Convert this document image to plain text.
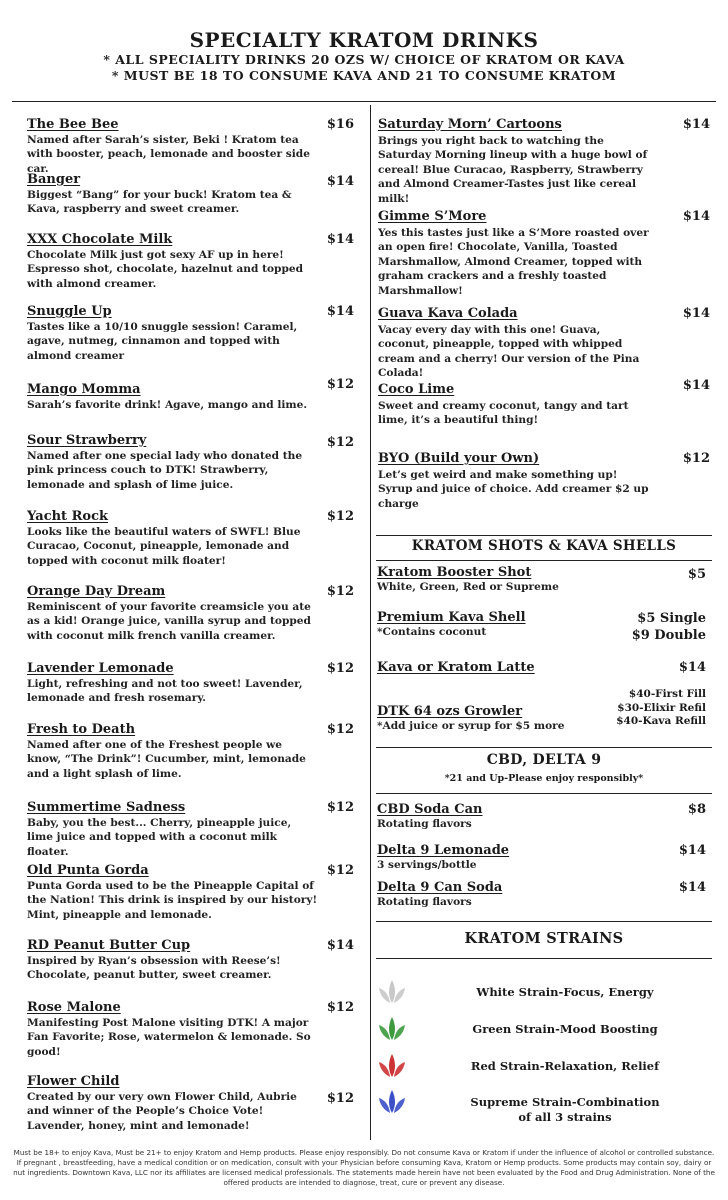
SPECIALTY KRATOM DRINKS
* ALL SPECIALITY DRINKS 20 OZS W/ CHOICE OF KRATOM OR KAVA
* MUST BE 18 TO CONSUME KAVA AND 21 TO CONSUME KRATOM
The Bee Bee
Named after Sarah’s sister, Beki ! Kratom tea with booster, peach, lemonade and booster side car.
$16
Banger
Biggest “Bang” for your buck! Kratom tea & Kava, raspberry and sweet creamer.
$14
XXX Chocolate Milk
Chocolate Milk just got sexy AF up in here! Espresso shot, chocolate, hazelnut and topped with almond creamer.
$14
Snuggle Up
Tastes like a 10/10 snuggle session! Caramel, agave, nutmeg, cinnamon and topped with almond creamer
$14
Mango Momma
Sarah’s favorite drink! Agave, mango and lime.
$12
Sour Strawberry
Named after one special lady who donated the pink princess couch to DTK! Strawberry, lemonade and splash of lime juice.
$12
Yacht Rock
Looks like the beautiful waters of SWFL! Blue Curacao, Coconut, pineapple, lemonade and topped with coconut milk floater!
$12
Orange Day Dream
Reminiscent of your favorite creamsicle you ate as a kid! Orange juice, vanilla syrup and topped with coconut milk french vanilla creamer.
$12
Lavender Lemonade
Light, refreshing and not too sweet! Lavender, lemonade and fresh rosemary.
$12
Fresh to Death
Named after one of the Freshest people we know, “The Drink”! Cucumber, mint, lemonade and a light splash of lime.
$12
Summertime Sadness
Baby, you the best... Cherry, pineapple juice, lime juice and topped with a coconut milk floater.
$12
Old Punta Gorda
Punta Gorda used to be the Pineapple Capital of the Nation! This drink is inspired by our history! Mint, pineapple and lemonade.
$12
RD Peanut Butter Cup
Inspired by Ryan’s obsession with Reese’s! Chocolate, peanut butter, sweet creamer.
$14
Rose Malone
Manifesting Post Malone visiting DTK! A major Fan Favorite; Rose, watermelon & lemonade. So good!
$12
Flower Child
Created by our very own Flower Child, Aubrie and winner of the People’s Choice Vote! Lavender, honey, mint and lemonade!
$12
Saturday Morn’ Cartoons
Brings you right back to watching the Saturday Morning lineup with a huge bowl of cereal! Blue Curacao, Raspberry, Strawberry and Almond Creamer-Tastes just like cereal milk!
$14
Gimme S’More
Yes this tastes just like a S’More roasted over an open fire! Chocolate, Vanilla, Toasted Marshmallow, Almond Creamer, topped with graham crackers and a freshly toasted Marshmallow!
$14
Guava Kava Colada
Vacay every day with this one! Guava, coconut, pineapple, topped with whipped cream and a cherry! Our version of the Pina Colada!
$14
Coco Lime
Sweet and creamy coconut, tangy and tart lime, it’s a beautiful thing!
$14
BYO (Build your Own)
Let’s get weird and make something up! Syrup and juice of choice. Add creamer $2 up charge
$12
KRATOM SHOTS & KAVA SHELLS
Kratom Booster Shot
White, Green, Red or Supreme
$5
Premium Kava Shell
*Contains coconut
$5 Single
$9 Double
Kava or Kratom Latte	$14
DTK 64 ozs Growler
*Add juice or syrup for $5 more
$40-First Fill
$30-Elixir Refil
$40-Kava Refill
CBD, DELTA 9
*21 and Up-Please enjoy responsibly*
CBD Soda Can
Rotating flavors
$8
Delta 9 Lemonade
3 servings/bottle
$14
Delta 9 Can Soda
Rotating flavors
$14
KRATOM STRAINS
White Strain-Focus, Energy
Green Strain-Mood Boosting
Red Strain-Relaxation, Relief
Supreme Strain-Combination
of all 3 strains
Must be 18+ to enjoy Kava, Must be 21+ to enjoy Kratom and Hemp products. Please enjoy responsibly. Do not consume Kava or Kratom if under the influence of alcohol or controlled substance. If pregnant , breastfeeding, have a medical condition or on medication, consult with your Physician before consuming Kava, Kratom or Hemp products. Some products may contain soy, dairy or nut ingredients. Downtown Kava, LLC nor its affiliates are licensed medical professionals. The statements made herein have not been evaluated by the Food and Drug Administration. None of the offered products are intended to diagnose, treat, cure or prevent any disease.
